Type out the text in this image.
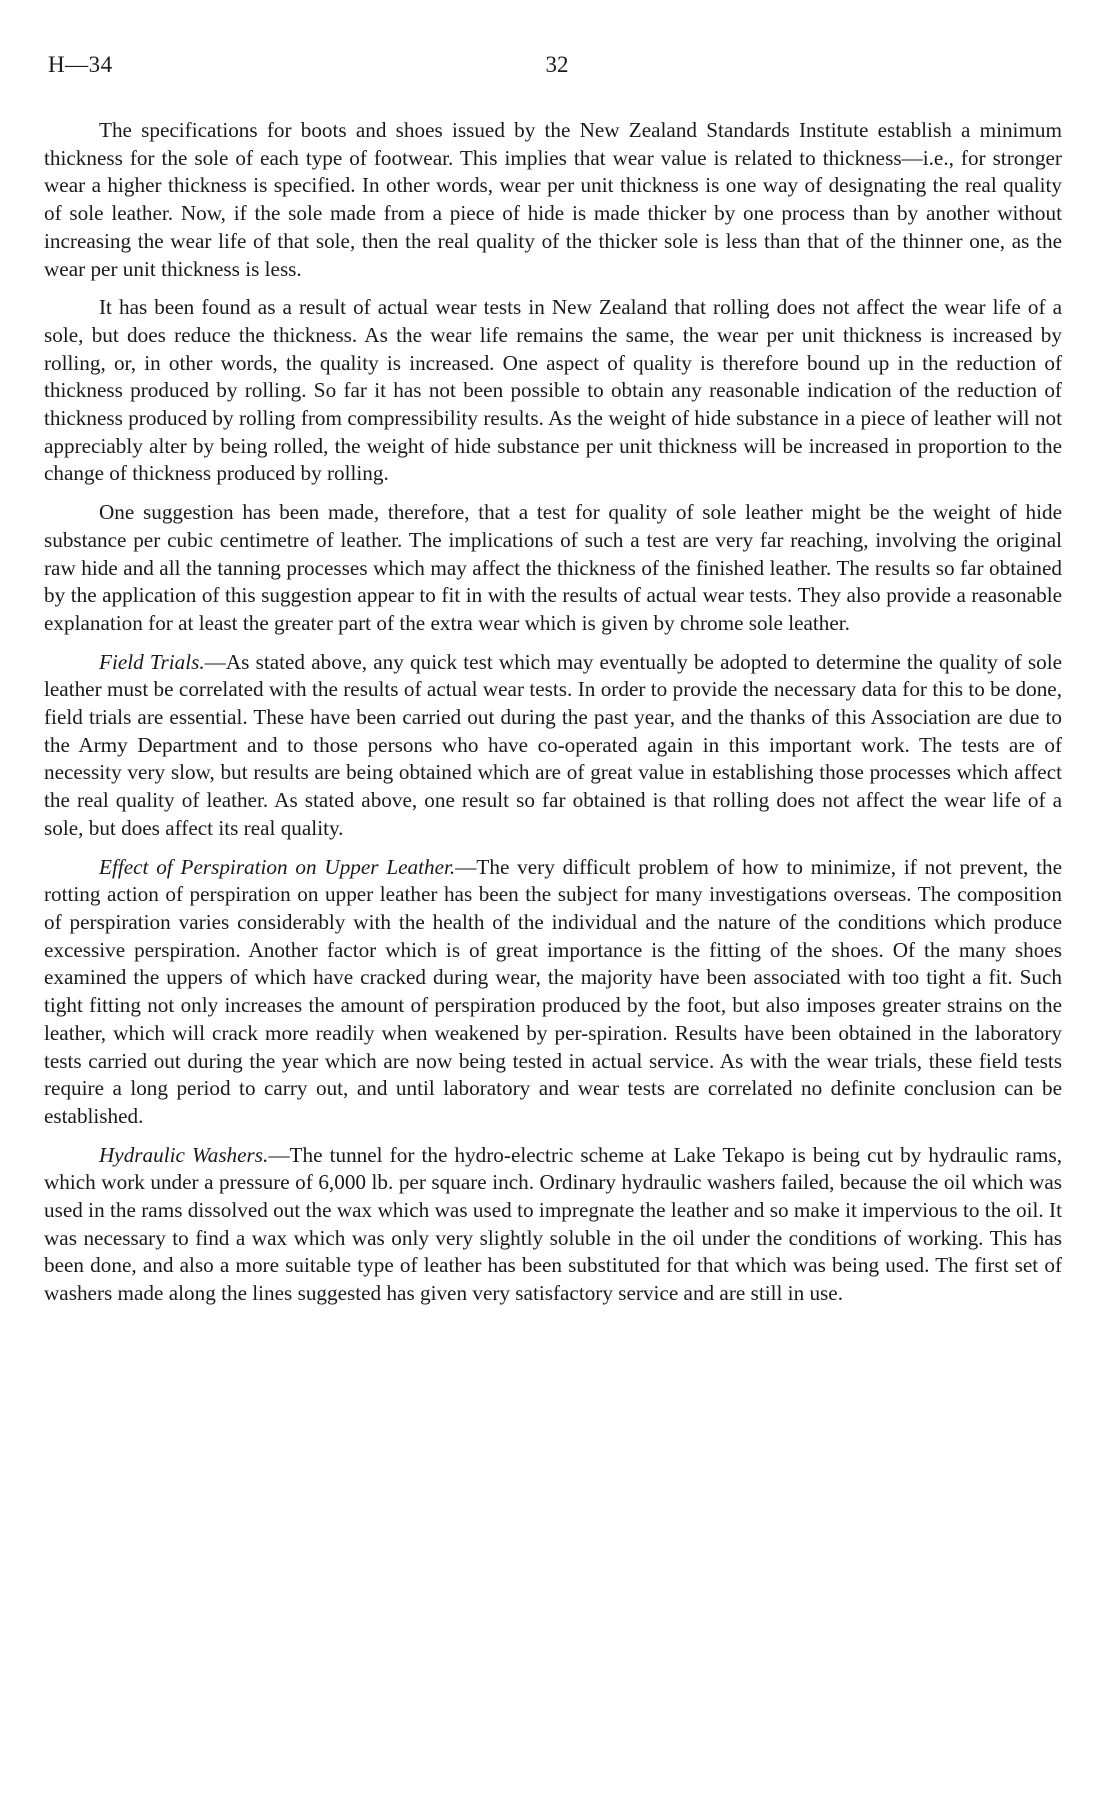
H—34	32

The specifications for boots and shoes issued by the New Zealand Standards Institute establish a minimum thickness for the sole of each type of footwear. This implies that wear value is related to thickness—i.e., for stronger wear a higher thickness is specified. In other words, wear per unit thickness is one way of designating the real quality of sole leather. Now, if the sole made from a piece of hide is made thicker by one process than by another without increasing the wear life of that sole, then the real quality of the thicker sole is less than that of the thinner one, as the wear per unit thickness is less.

It has been found as a result of actual wear tests in New Zealand that rolling does not affect the wear life of a sole, but does reduce the thickness. As the wear life remains the same, the wear per unit thickness is increased by rolling, or, in other words, the quality is increased. One aspect of quality is therefore bound up in the reduction of thickness produced by rolling. So far it has not been possible to obtain any reasonable indication of the reduction of thickness produced by rolling from compressibility results. As the weight of hide substance in a piece of leather will not appreciably alter by being rolled, the weight of hide substance per unit thickness will be increased in proportion to the change of thickness produced by rolling.

One suggestion has been made, therefore, that a test for quality of sole leather might be the weight of hide substance per cubic centimetre of leather. The implications of such a test are very far reaching, involving the original raw hide and all the tanning processes which may affect the thickness of the finished leather. The results so far obtained by the application of this suggestion appear to fit in with the results of actual wear tests. They also provide a reasonable explanation for at least the greater part of the extra wear which is given by chrome sole leather.

Field Trials.—As stated above, any quick test which may eventually be adopted to determine the quality of sole leather must be correlated with the results of actual wear tests. In order to provide the necessary data for this to be done, field trials are essential. These have been carried out during the past year, and the thanks of this Association are due to the Army Department and to those persons who have co-operated again in this important work. The tests are of necessity very slow, but results are being obtained which are of great value in establishing those processes which affect the real quality of leather. As stated above, one result so far obtained is that rolling does not affect the wear life of a sole, but does affect its real quality.

Effect of Perspiration on Upper Leather.—The very difficult problem of how to minimize, if not prevent, the rotting action of perspiration on upper leather has been the subject for many investigations overseas. The composition of perspiration varies considerably with the health of the individual and the nature of the conditions which produce excessive perspiration. Another factor which is of great importance is the fitting of the shoes. Of the many shoes examined the uppers of which have cracked during wear, the majority have been associated with too tight a fit. Such tight fitting not only increases the amount of perspiration produced by the foot, but also imposes greater strains on the leather, which will crack more readily when weakened by per-spiration. Results have been obtained in the laboratory tests carried out during the year which are now being tested in actual service. As with the wear trials, these field tests require a long period to carry out, and until laboratory and wear tests are correlated no definite conclusion can be established.

Hydraulic Washers.—The tunnel for the hydro-electric scheme at Lake Tekapo is being cut by hydraulic rams, which work under a pressure of 6,000 lb. per square inch. Ordinary hydraulic washers failed, because the oil which was used in the rams dissolved out the wax which was used to impregnate the leather and so make it impervious to the oil. It was necessary to find a wax which was only very slightly soluble in the oil under the conditions of working. This has been done, and also a more suitable type of leather has been substituted for that which was being used. The first set of washers made along the lines suggested has given very satisfactory service and are still in use.
